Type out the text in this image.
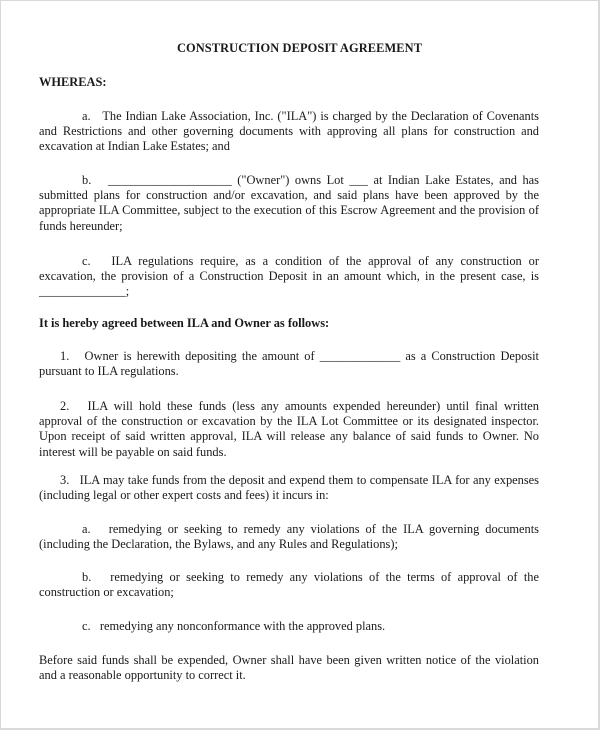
CONSTRUCTION DEPOSIT AGREEMENT
WHEREAS:
a. The Indian Lake Association, Inc. ("ILA") is charged by the Declaration of Covenants and Restrictions and other governing documents with approving all plans for construction and excavation at Indian Lake Estates; and
b. ____________________ ("Owner") owns Lot ___ at Indian Lake Estates, and has submitted plans for construction and/or excavation, and said plans have been approved by the appropriate ILA Committee, subject to the execution of this Escrow Agreement and the provision of funds hereunder;
c. ILA regulations require, as a condition of the approval of any construction or excavation, the provision of a Construction Deposit in an amount which, in the present case, is ______________;
It is hereby agreed between ILA and Owner as follows:
1. Owner is herewith depositing the amount of _____________ as a Construction Deposit pursuant to ILA regulations.
2. ILA will hold these funds (less any amounts expended hereunder) until final written approval of the construction or excavation by the ILA Lot Committee or its designated inspector. Upon receipt of said written approval, ILA will release any balance of said funds to Owner. No interest will be payable on said funds.
3. ILA may take funds from the deposit and expend them to compensate ILA for any expenses (including legal or other expert costs and fees) it incurs in:
a. remedying or seeking to remedy any violations of the ILA governing documents (including the Declaration, the Bylaws, and any Rules and Regulations);
b. remedying or seeking to remedy any violations of the terms of approval of the construction or excavation;
c. remedying any nonconformance with the approved plans.
Before said funds shall be expended, Owner shall have been given written notice of the violation and a reasonable opportunity to correct it.
